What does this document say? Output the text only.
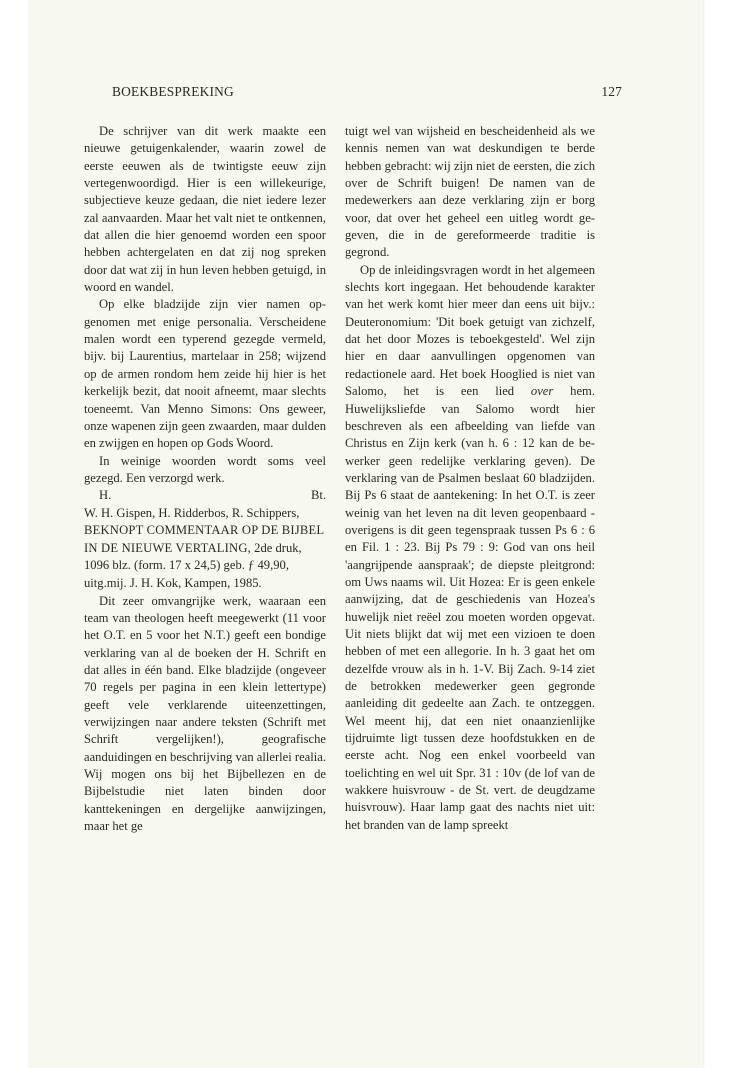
BOEKBESPREKING	127

De schrijver van dit werk maakte een nieuwe getuigenkalender, waarin zowel de eerste eeuwen als de twintigste eeuw zijn vertegenwoordigd. Hier is een willekeurige, subjectieve keuze gedaan, die niet iedere lezer zal aanvaarden. Maar het valt niet te ontkennen, dat allen die hier genoemd worden een spoor hebben achtergelaten en dat zij nog spreken door dat wat zij in hun leven hebben getuigd, in woord en wandel.

Op elke bladzijde zijn vier namen opgenomen met enige personalia. Verscheidene malen wordt een typerend gezegde vermeld, bijv. bij Laurentius, martelaar in 258; wijzend op de armen rondom hem zeide hij hier is het kerkelijk bezit, dat nooit afneemt, maar slechts toeneemt. Van Menno Simons: Ons geweer, onze wapenen zijn geen zwaarden, maar dulden en zwijgen en hopen op Gods Woord.

In weinige woorden wordt soms veel gezegd. Een verzorgd werk.

H.	Bt.

W. H. Gispen, H. Ridderbos, R. Schippers, BEKNOPT COMMENTAAR OP DE BIJBEL IN DE NIEUWE VERTALING, 2de druk, 1096 blz. (form. 17 x 24,5) geb. ƒ 49,90, uitg.mij. J. H. Kok, Kampen, 1985.

Dit zeer omvangrijke werk, waaraan een team van theologen heeft meegewerkt (11 voor het O.T. en 5 voor het N.T.) geeft een bondige verklaring van al de boeken der H. Schrift en dat alles in één band. Elke bladzijde (ongeveer 70 regels per pagina in een klein lettertype) geeft vele verklarende uiteenzettingen, verwijzingen naar andere teksten (Schrift met Schrift vergelijken!), geografische aanduidingen en beschrijving van allerlei realia. Wij mogen ons bij het Bijbellezen en de Bijbelstudie niet laten binden door kanttekeningen en dergelijke aanwijzingen, maar het ge

tuigt wel van wijsheid en bescheidenheid als we kennis nemen van wat deskundigen te berde hebben gebracht: wij zijn niet de eersten, die zich over de Schrift buigen! De namen van de medewerkers aan deze verklaring zijn er borg voor, dat over het geheel een uitleg wordt gegeven, die in de gereformeerde traditie is gegrond.

Op de inleidingsvragen wordt in het algemeen slechts kort ingegaan. Het behoudende karakter van het werk komt hier meer dan eens uit bijv.: Deuteronomium: 'Dit boek getuigt van zichzelf, dat het door Mozes is teboekgesteld'. Wel zijn hier en daar aanvullingen opgenomen van redactionele aard. Het boek Hooglied is niet van Salomo, het is een lied over hem. Huwelijksliefde van Salomo wordt hier beschreven als een afbeelding van liefde van Christus en Zijn kerk (van h. 6 : 12 kan de bewerker geen redelijke verklaring geven). De verklaring van de Psalmen beslaat 60 bladzijden. Bij Ps 6 staat de aantekening: In het O.T. is zeer weinig van het leven na dit leven geopenbaard - overigens is dit geen tegenspraak tussen Ps 6 : 6 en Fil. 1 : 23. Bij Ps 79 : 9: God van ons heil 'aangrijpende aanspraak'; de diepste pleitgrond: om Uws naams wil. Uit Hozea: Er is geen enkele aanwijzing, dat de geschiedenis van Hozea's huwelijk niet reëel zou moeten worden opgevat. Uit niets blijkt dat wij met een vizioen te doen hebben of met een allegorie. In h. 3 gaat het om dezelfde vrouw als in h. 1-V. Bij Zach. 9-14 ziet de betrokken medewerker geen gegronde aanleiding dit gedeelte aan Zach. te ontzeggen. Wel meent hij, dat een niet onaanzienlijke tijdruimte ligt tussen deze hoofdstukken en de eerste acht. Nog een enkel voorbeeld van toelichting en wel uit Spr. 31 : 10v (de lof van de wakkere huisvrouw - de St. vert. de deugdzame huisvrouw). Haar lamp gaat des nachts niet uit: het branden van de lamp spreekt
